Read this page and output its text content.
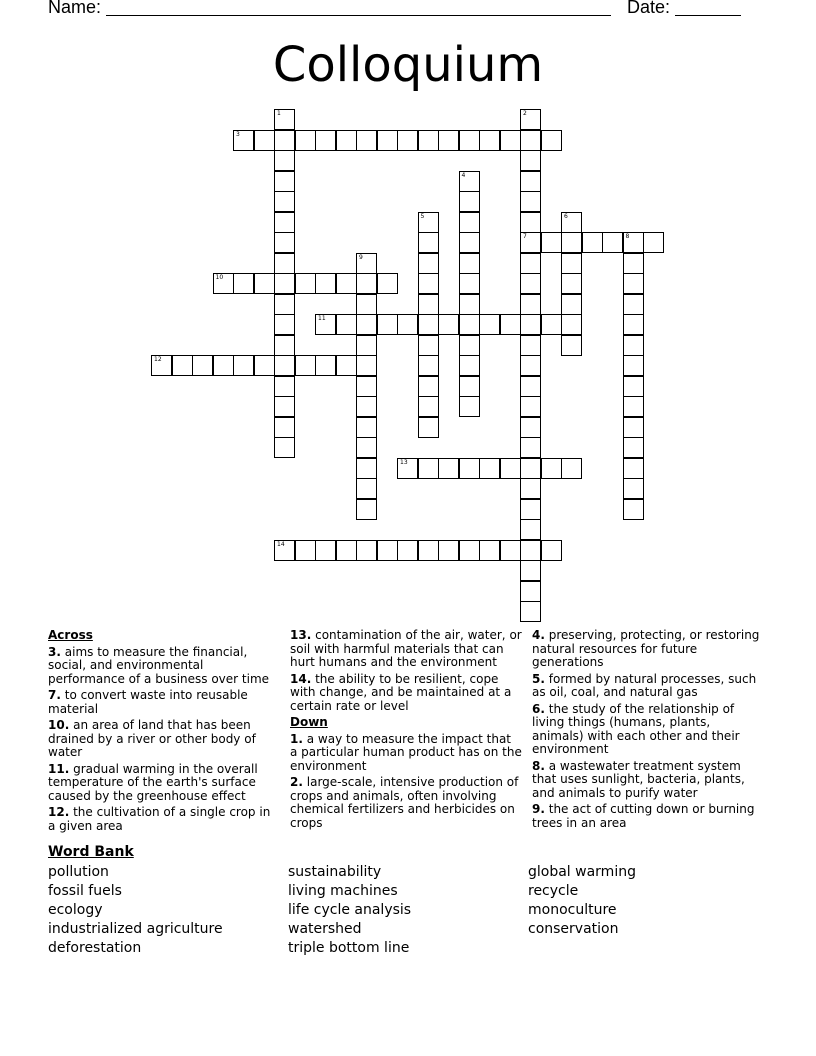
Name:	Date:
Colloquium
1	2
7
3
4
5	6
8
9
10
11
12
13
14
Across
3. aims to measure the financial, social, and environmental performance of a business over time
7. to convert waste into reusable material
10. an area of land that has been drained by a river or other body of water
11. gradual warming in the overall temperature of the earth's surface caused by the greenhouse effect
12. the cultivation of a single crop in a given area
13. contamination of the air, water, or soil with harmful materials that can hurt humans and the environment
14. the ability to be resilient, cope with change, and be maintained at a certain rate or level
Down
1. a way to measure the impact that a particular human product has on the environment
2. large-scale, intensive production of crops and animals, often involving chemical fertilizers and herbicides on crops
4. preserving, protecting, or restoring natural resources for future generations
5. formed by natural processes, such as oil, coal, and natural gas
6. the study of the relationship of living things (humans, plants, animals) with each other and their environment
8. a wastewater treatment system that uses sunlight, bacteria, plants, and animals to purify water
9. the act of cutting down or burning trees in an area
Word Bank
pollution
fossil fuels
ecology
industrialized agriculture
deforestation
sustainability
living machines
life cycle analysis
watershed
triple bottom line
global warming
recycle
monoculture
conservation
